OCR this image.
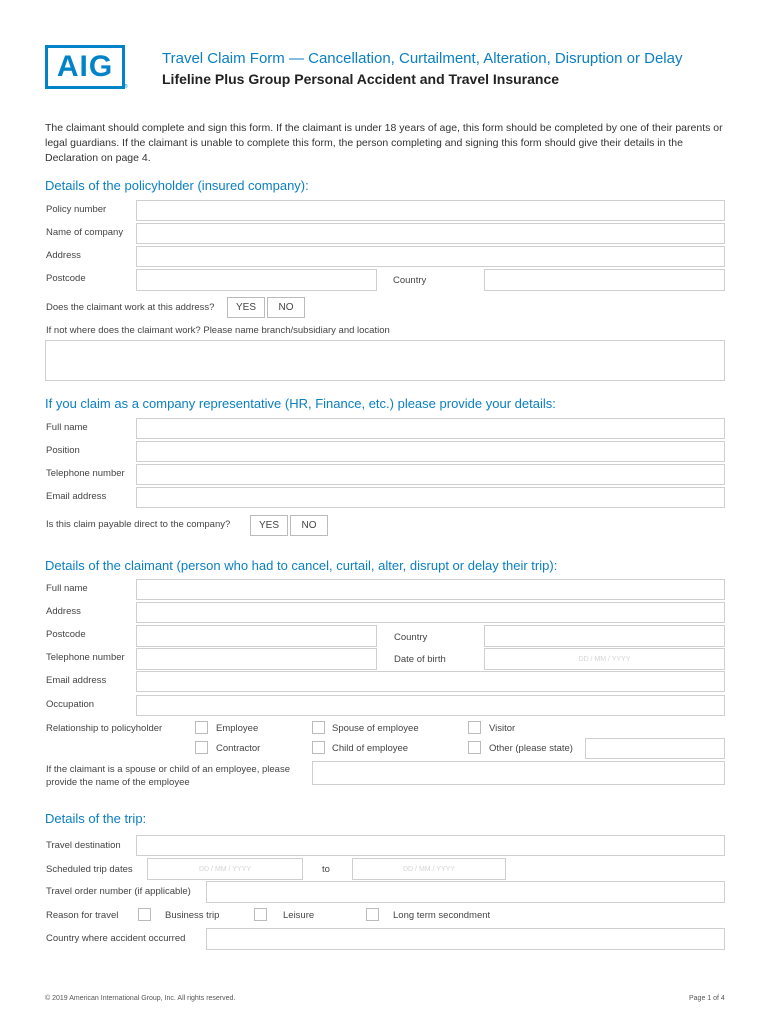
AIG
®
Travel Claim Form — Cancellation, Curtailment, Alteration, Disruption or Delay
Lifeline Plus Group Personal Accident and Travel Insurance
The claimant should complete and sign this form. If the claimant is under 18 years of age, this form should be completed by one of their parents or legal guardians. If the claimant is unable to complete this form, the person completing and signing this form should give their details in the Declaration on page 4.
Details of the policyholder (insured company):
Policy number
Name of company
Address
Postcode	Country
Does the claimant work at this address?	YES	NO
If not where does the claimant work? Please name branch/subsidiary and location
If you claim as a company representative (HR, Finance, etc.) please provide your details:
Full name
Position
Telephone number
Email address
Is this claim payable direct to the company?	YES	NO
Details of the claimant (person who had to cancel, curtail, alter, disrupt or delay their trip):
Full name
Address
Postcode	Country
Telephone number	Date of birth	DD / MM / YYYY
Email address
Occupation
Relationship to policyholder	Employee	Spouse of employee	Visitor
Contractor	Child of employee	Other (please state)
If the claimant is a spouse or child of an employee, please provide the name of the employee
Details of the trip:
Travel destination
Scheduled trip dates	DD / MM / YYYY	to	DD / MM / YYYY
Travel order number (if applicable)
Reason for travel	Business trip	Leisure	Long term secondment
Country where accident occurred
© 2019 American International Group, Inc. All rights reserved.	Page 1 of 4
